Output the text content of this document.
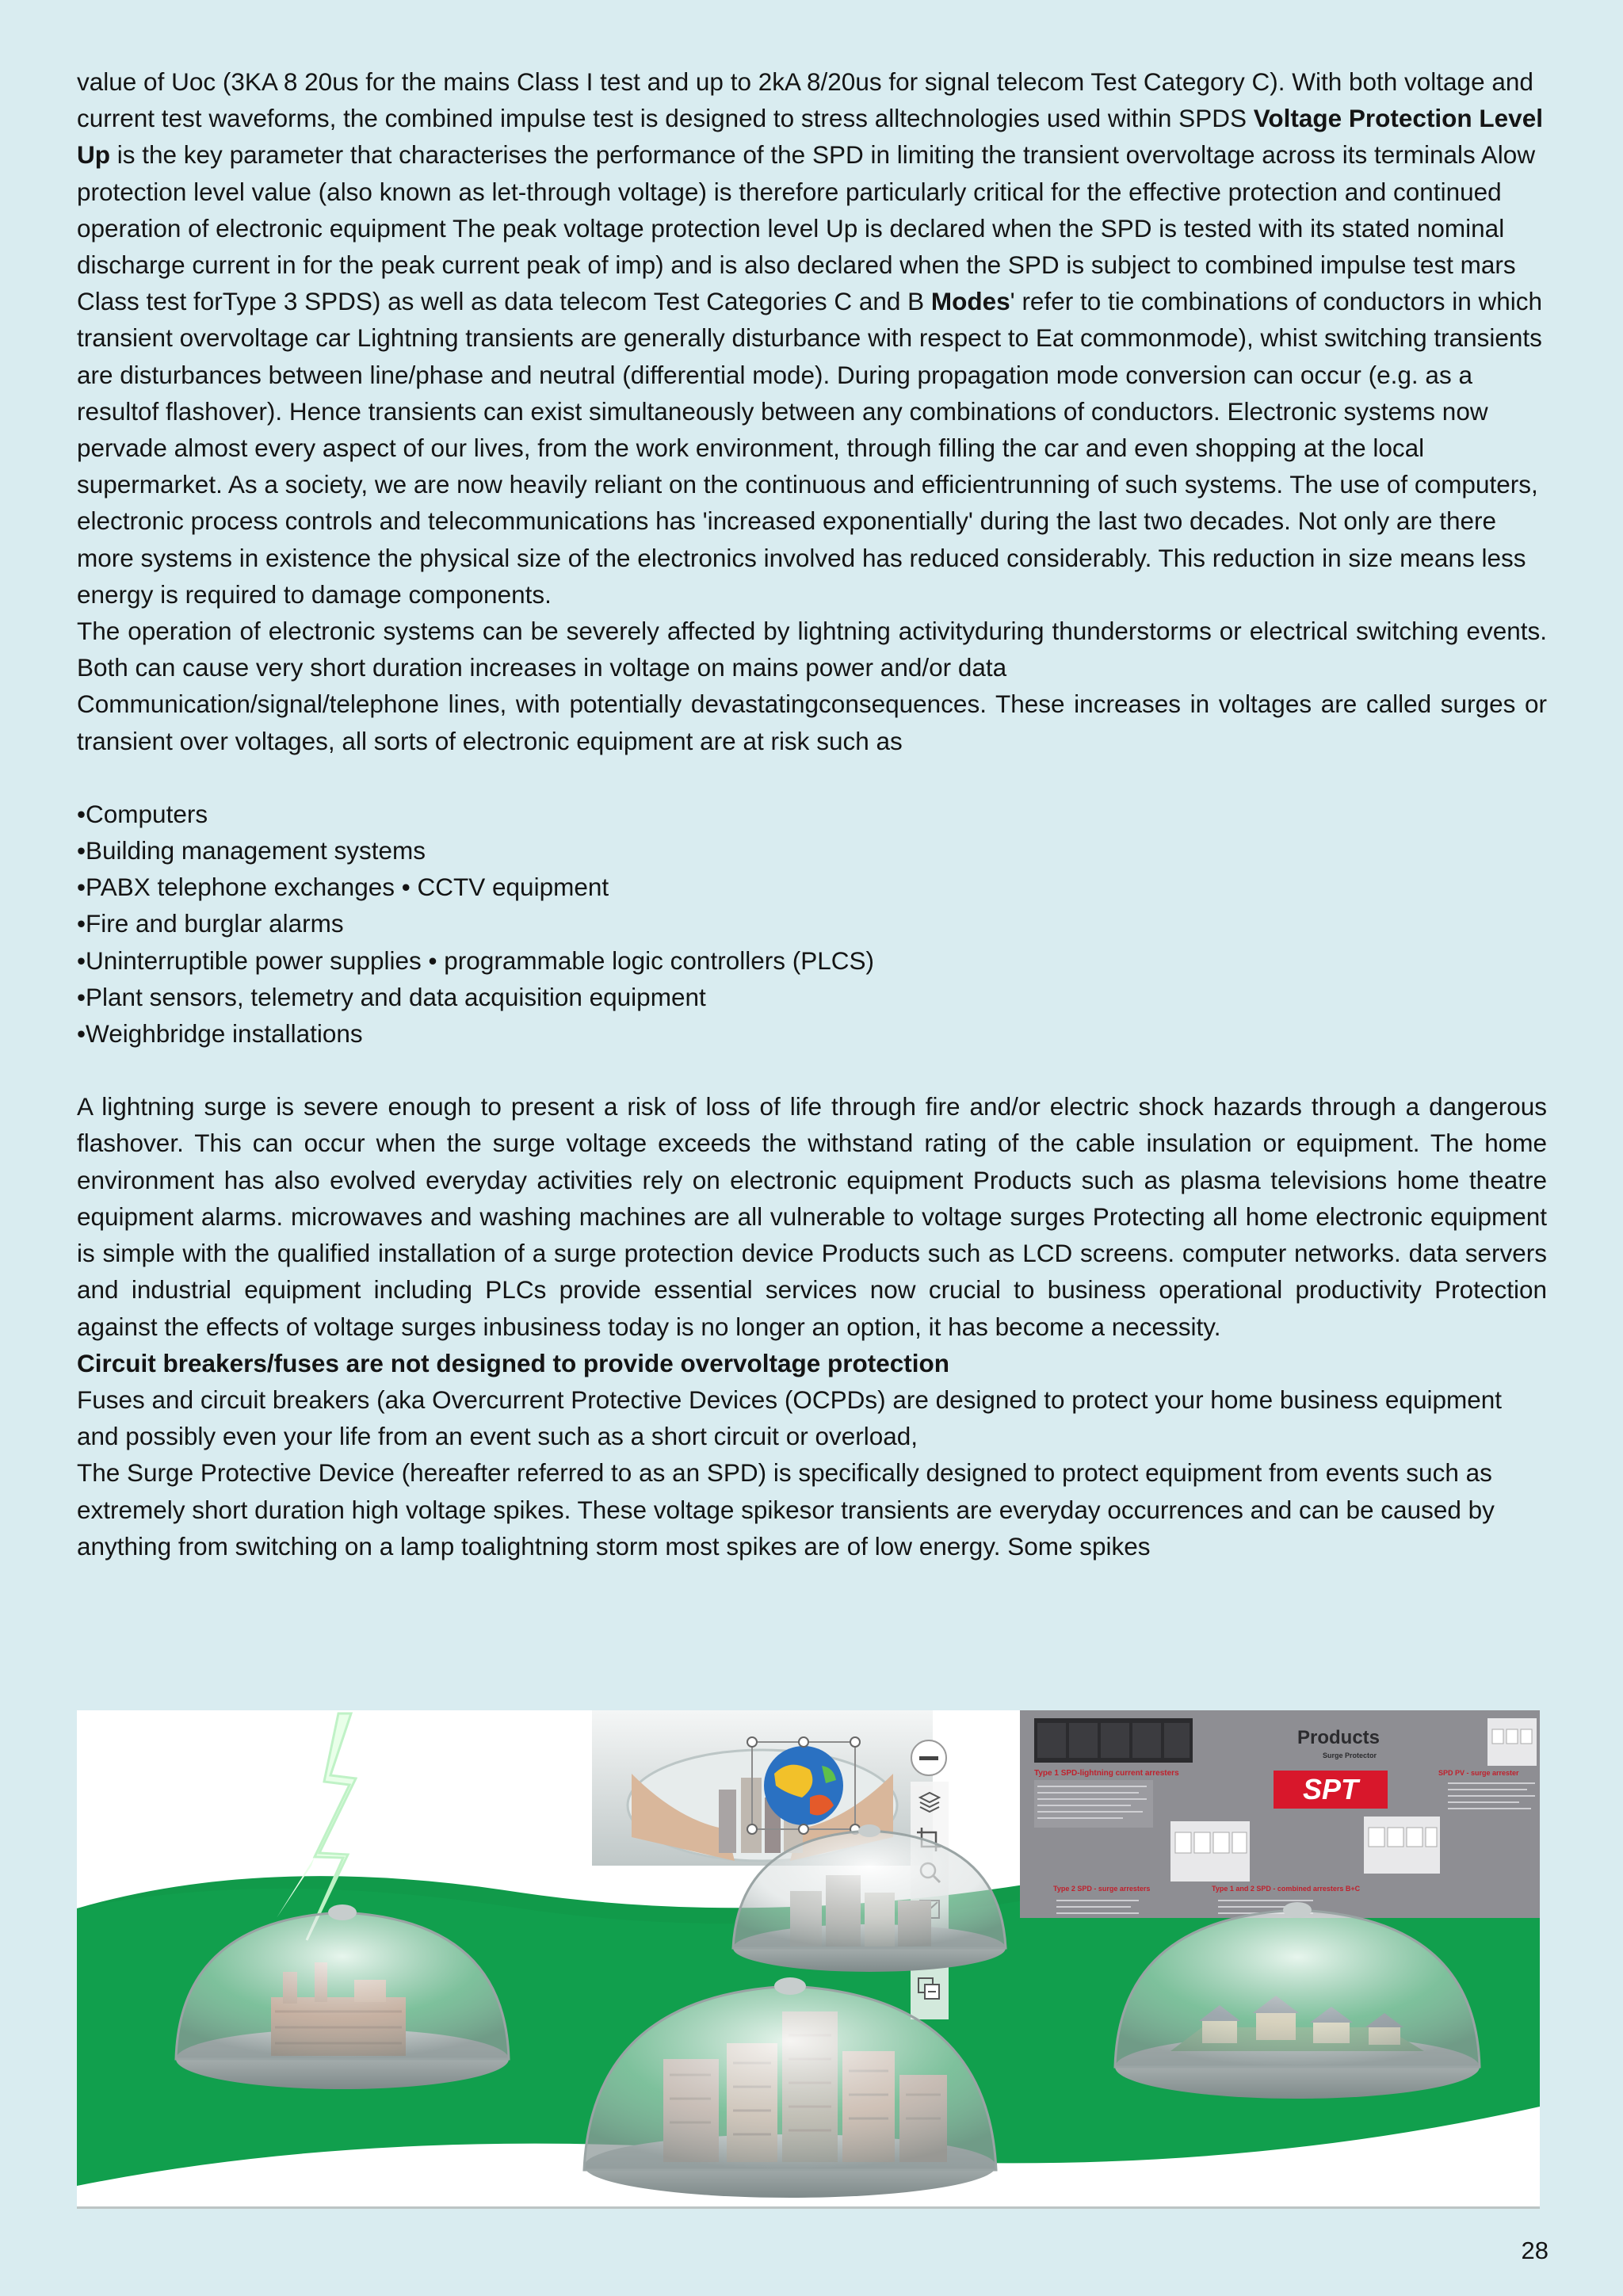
value of Uoc (3KA 8 20us for the mains Class I test and up to 2kA 8/20us for signal telecom Test Category C). With both voltage and current test waveforms, the combined impulse test is designed to stress alltechnologies used within SPDS Voltage Protection Level Up is the key parameter that characterises the performance of the SPD in limiting the transient overvoltage across its terminals Alow protection level value (also known as let-through voltage) is therefore particularly critical for the effective protection and continued operation of electronic equipment The peak voltage protection level Up is declared when the SPD is tested with its stated nominal discharge current in for the peak current peak of imp) and is also declared when the SPD is subject to combined impulse test mars Class test forType 3 SPDS) as well as data telecom Test Categories C and B Modes' refer to tie combinations of conductors in which transient overvoltage car Lightning transients are generally disturbance with respect to Eat commonmode), whist switching transients are disturbances between line/phase and neutral (differential mode). During propagation mode conversion can occur (e.g. as a resultof flashover). Hence transients can exist simultaneously between any combinations of conductors. Electronic systems now pervade almost every aspect of our lives, from the work environment, through filling the car and even shopping at the local supermarket. As a society, we are now heavily reliant on the continuous and efficientrunning of such systems. The use of computers, electronic process controls and telecommunications has 'increased exponentially' during the last two decades. Not only are there more systems in existence the physical size of the electronics involved has reduced considerably. This reduction in size means less energy is required to damage components.

The operation of electronic systems can be severely affected by lightning activityduring thunderstorms or electrical switching events. Both can cause very short duration increases in voltage on mains power and/or data

Communication/signal/telephone lines, with potentially devastatingconsequences. These increases in voltages are called surges or transient over voltages, all sorts of electronic equipment are at risk such as

•Computers
•Building management systems
•PABX telephone exchanges • CCTV equipment
•Fire and burglar alarms
•Uninterruptible power supplies • programmable logic controllers (PLCS)
•Plant sensors, telemetry and data acquisition equipment
•Weighbridge installations

A lightning surge is severe enough to present a risk of loss of life through fire and/or electric shock hazards through a dangerous flashover. This can occur when the surge voltage exceeds the withstand rating of the cable insulation or equipment. The home environment has also evolved everyday activities rely on electronic equipment Products such as plasma televisions home theatre equipment alarms. microwaves and washing machines are all vulnerable to voltage surges Protecting all home electronic equipment is simple with the qualified installation of a surge protection device Products such as LCD screens. computer networks. data servers and industrial equipment including PLCs provide essential services now crucial to business operational productivity Protection against the effects of voltage surges inbusiness today is no longer an option, it has become a necessity.

Circuit breakers/fuses are not designed to provide overvoltage protection

Fuses and circuit breakers (aka Overcurrent Protective Devices (OCPDs) are designed to protect your home business equipment and possibly even your life from an event such as a short circuit or overload,

The Surge Protective Device (hereafter referred to as an SPD) is specifically designed to protect equipment from events such as extremely short duration high voltage spikes. These voltage spikesor transients are everyday occurrences and can be caused by anything from switching on a lamp toalightning storm most spikes are of low energy. Some spikes

Products
Surge Protector
Type 1 SPD-lightning current arresters	SPT	SPD PV - surge arrester
Type 2 SPD - surge arresters	Type 1 and 2 SPD - combined arresters B+C
28
